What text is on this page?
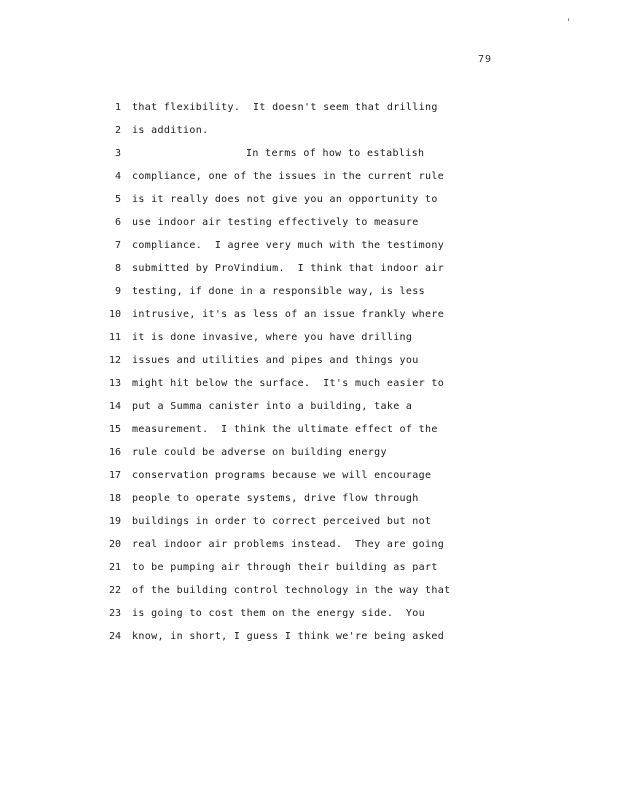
'
79
1 that flexibility.  It doesn't seem that drilling
2 is addition.
3	In terms of how to establish
4 compliance, one of the issues in the current rule
5 is it really does not give you an opportunity to
6 use indoor air testing effectively to measure
7 compliance.  I agree very much with the testimony
8 submitted by ProVindium.  I think that indoor air
9 testing, if done in a responsible way, is less
10 intrusive, it's as less of an issue frankly where
11 it is done invasive, where you have drilling
12 issues and utilities and pipes and things you
13 might hit below the surface.  It's much easier to
14 put a Summa canister into a building, take a
15 measurement.  I think the ultimate effect of the
16 rule could be adverse on building energy
17 conservation programs because we will encourage
18 people to operate systems, drive flow through
19 buildings in order to correct perceived but not
20 real indoor air problems instead.  They are going
21 to be pumping air through their building as part
22 of the building control technology in the way that
23 is going to cost them on the energy side.  You
24 know, in short, I guess I think we're being asked
